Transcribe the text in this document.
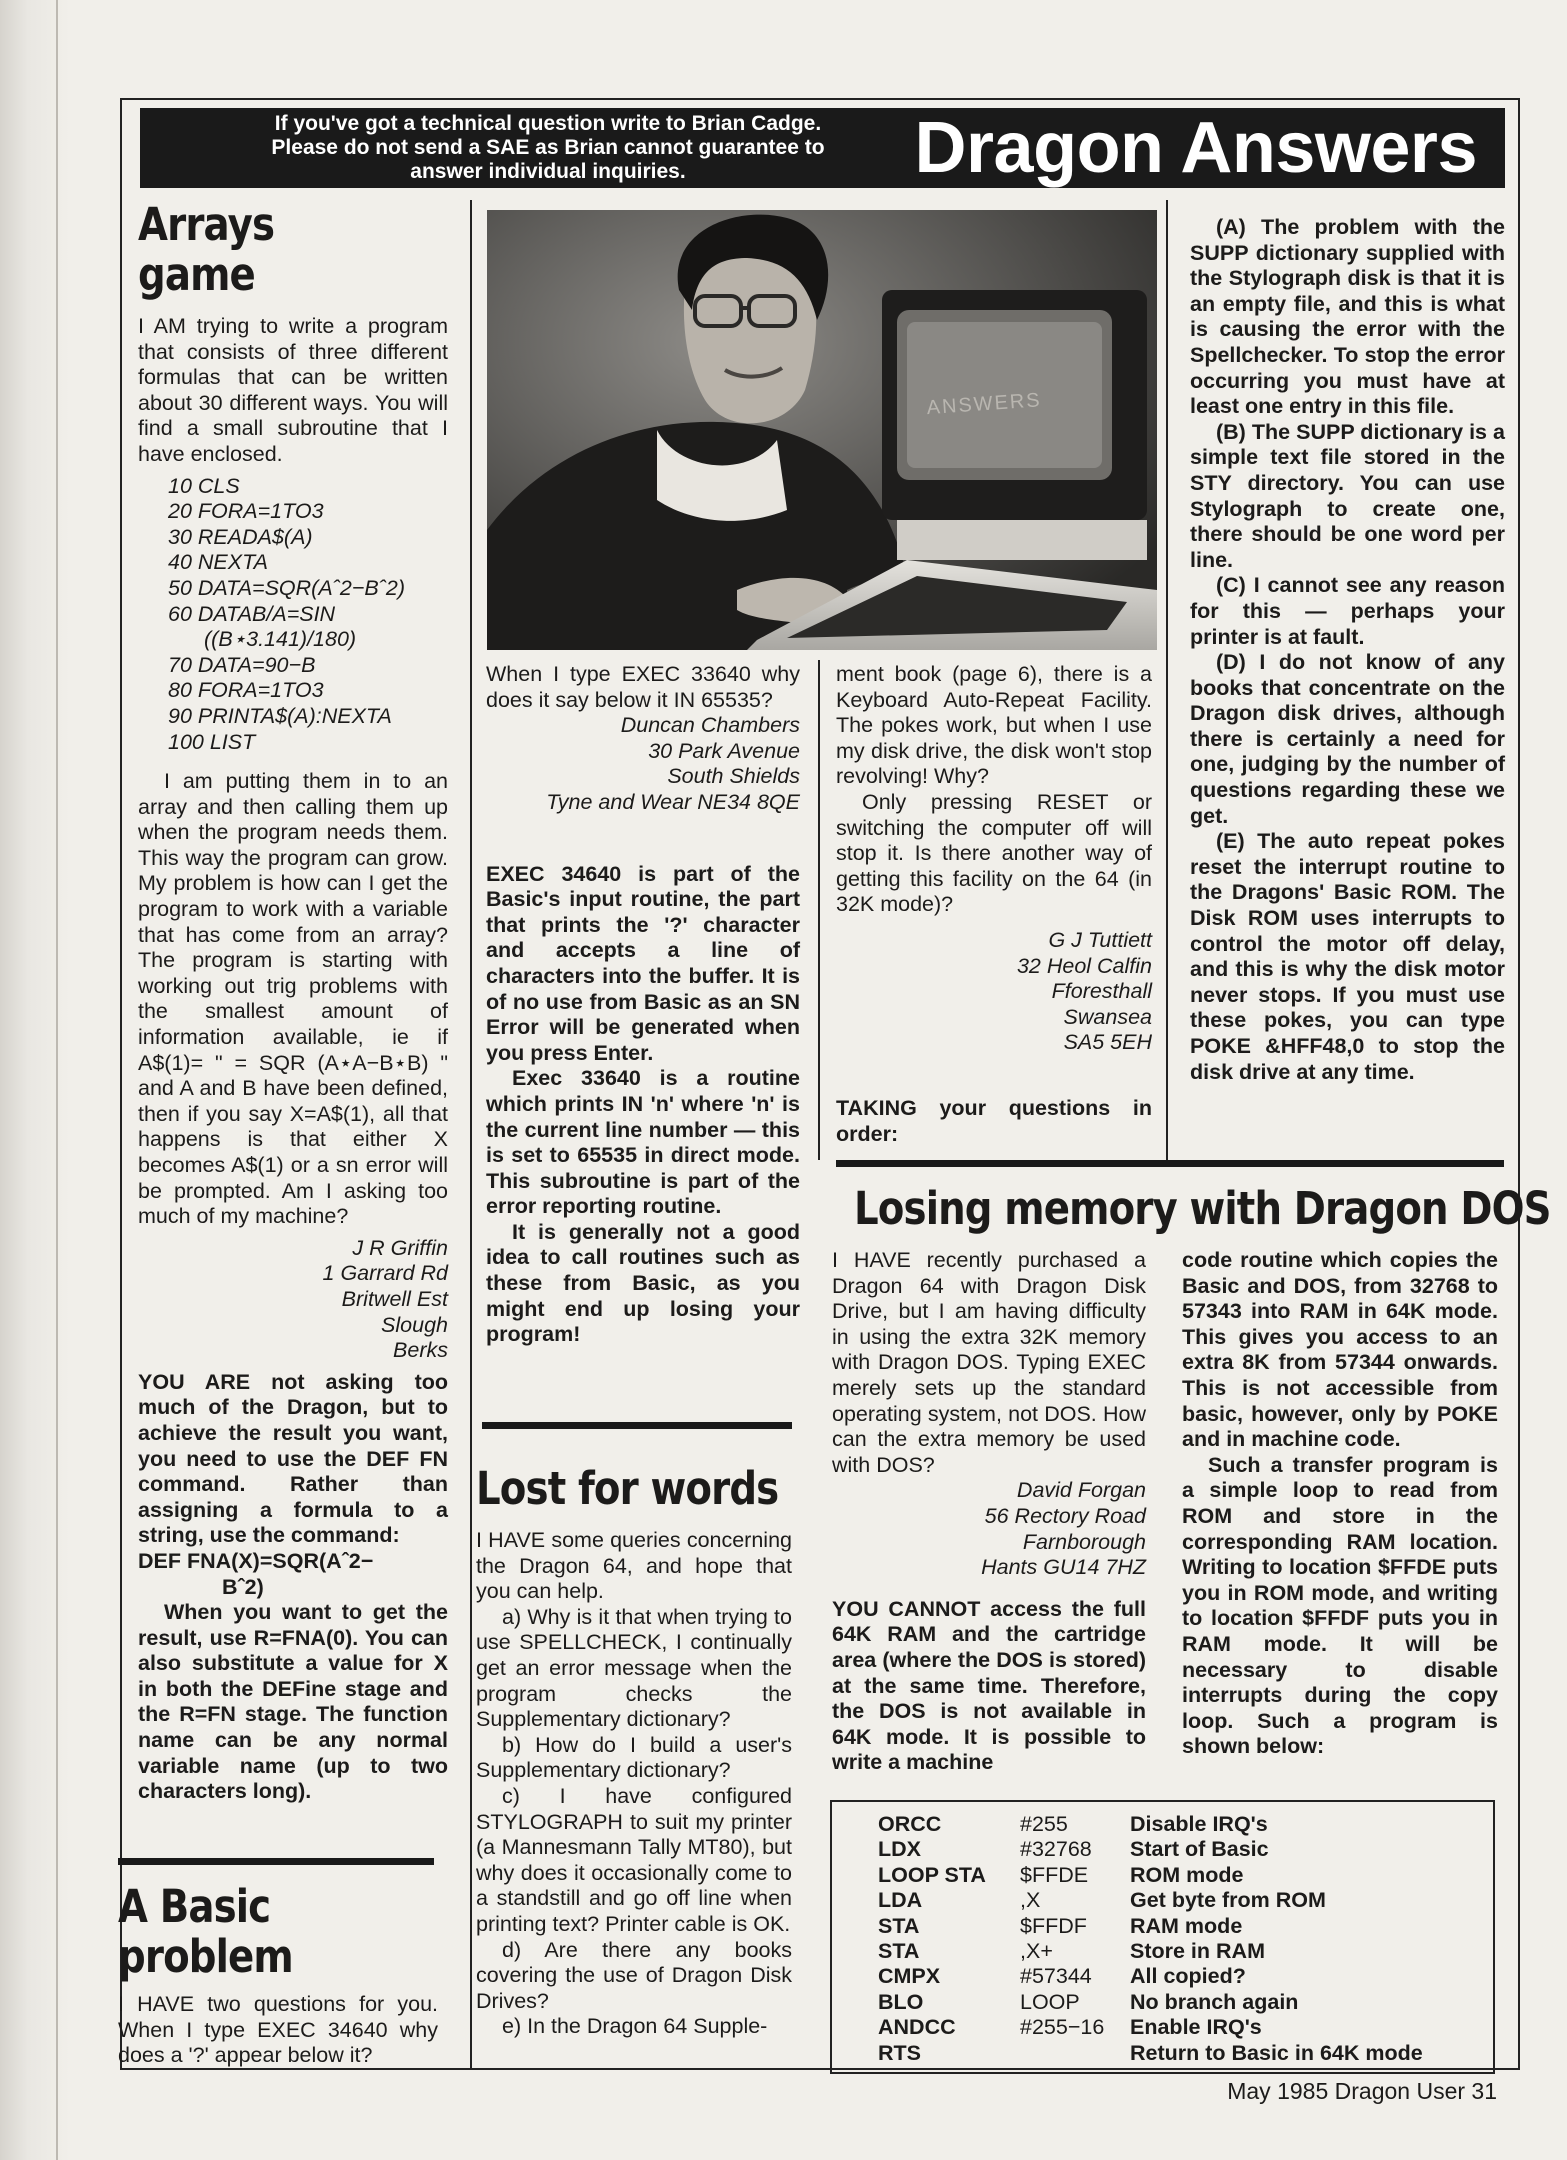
If you've got a technical question write to Brian Cadge.
Please do not send a SAE as Brian cannot guarantee to
answer individual inquiries.	Dragon Answers
Arrays
game

I AM trying to write a program that consists of three different formulas that can be written about 30 different ways. You will find a small subroutine that I have enclosed.

10 CLS
20 FORA=1TO3
30 READA$(A)
40 NEXTA
50 DATA=SQR(Aˆ2−Bˆ2)
60 DATAB/A=SIN
((B⋆3.141)/180)
70 DATA=90−B
80 FORA=1TO3
90 PRINTA$(A):NEXTA
100 LIST

I am putting them in to an array and then calling them up when the program needs them. This way the program can grow. My problem is how can I get the program to work with a variable that has come from an array? The program is starting with working out trig problems with the smallest amount of information available, ie if A$(1)= " = SQR (A⋆A−B⋆B) " and A and B have been defined, then if you say X=A$(1), all that happens is that either X becomes A$(1) or a sn error will be prompted. Am I asking too much of my machine?

J R Griffin
1 Garrard Rd
Britwell Est
Slough
Berks

YOU ARE not asking too much of the Dragon, but to achieve the result you want, you need to use the DEF FN command. Rather than assigning a formula to a string, use the command:

DEF FNA(X)=SQR(Aˆ2−

Bˆ2)

When you want to get the result, use R=FNA(0). You can also substitute a value for X in both the DEFine stage and the R=FN stage. The function name can be any normal variable name (up to two characters long).

A Basic
problem

I HAVE two questions for you. When I type EXEC 34640 why does a '?' appear below it?

ANSWERS

When I type EXEC 33640 why does it say below it IN 65535?

Duncan Chambers
30 Park Avenue
South Shields
Tyne and Wear NE34 8QE

EXEC 34640 is part of the Basic's input routine, the part that prints the '?' character and accepts a line of characters into the buffer. It is of no use from Basic as an SN Error will be generated when you press Enter.

Exec 33640 is a routine which prints IN 'n' where 'n' is the current line number — this is set to 65535 in direct mode. This subroutine is part of the error reporting routine.

It is generally not a good idea to call routines such as these from Basic, as you might end up losing your program!

Lost for words

I HAVE some queries concerning the Dragon 64, and hope that you can help.

a) Why is it that when trying to use SPELLCHECK, I continually get an error message when the program checks the Supplementary dictionary?

b) How do I build a user's Supplementary dictionary?

c) I have configured STYLOGRAPH to suit my printer (a Mannesmann Tally MT80), but why does it occasionally come to a standstill and go off line when printing text? Printer cable is OK.

d) Are there any books covering the use of Dragon Disk Drives?

e) In the Dragon 64 Supple-

ment book (page 6), there is a Keyboard Auto-Repeat Facility. The pokes work, but when I use my disk drive, the disk won't stop revolving! Why?

Only pressing RESET or switching the computer off will stop it. Is there another way of getting this facility on the 64 (in 32K mode)?

G J Tuttiett
32 Heol Calfin
Fforesthall
Swansea
SA5 5EH

TAKING your questions in order:

(A) The problem with the SUPP dictionary supplied with the Stylograph disk is that it is an empty file, and this is what is causing the error with the Spellchecker. To stop the error occurring you must have at least one entry in this file.

(B) The SUPP dictionary is a simple text file stored in the STY directory. You can use Stylograph to create one, there should be one word per line.

(C) I cannot see any reason for this — perhaps your printer is at fault.

(D) I do not know of any books that concentrate on the Dragon disk drives, although there is certainly a need for one, judging by the number of questions regarding these we get.

(E) The auto repeat pokes reset the interrupt routine to the Dragons' Basic ROM. The Disk ROM uses interrupts to control the motor off delay, and this is why the disk motor never stops. If you must use these pokes, you can type POKE &HFF48,0 to stop the disk drive at any time.

Losing memory with Dragon DOS

I HAVE recently purchased a Dragon 64 with Dragon Disk Drive, but I am having difficulty in using the extra 32K memory with Dragon DOS. Typing EXEC merely sets up the standard operating system, not DOS. How can the extra memory be used with DOS?

David Forgan
56 Rectory Road
Farnborough
Hants GU14 7HZ

YOU CANNOT access the full 64K RAM and the cartridge area (where the DOS is stored) at the same time. Therefore, the DOS is not available in 64K mode. It is possible to write a machine

code routine which copies the Basic and DOS, from 32768 to 57343 into RAM in 64K mode. This gives you access to an extra 8K from 57344 onwards. This is not accessible from basic, however, only by POKE and in machine code.

Such a transfer program is a simple loop to read from ROM and store in the corresponding RAM location. Writing to location $FFDE puts you in ROM mode, and writing to location $FFDF puts you in RAM mode. It will be necessary to disable interrupts during the copy loop. Such a program is shown below:

ORCC	#255	Disable IRQ's
LDX	#32768	Start of Basic
LOOP STA	$FFDE	ROM mode
LDA	,X	Get byte from ROM
STA	$FFDF	RAM mode
STA	,X+	Store in RAM
CMPX	#57344	All copied?
BLO	LOOP	No branch again
ANDCC	#255−16	Enable IRQ's
RTS		Return to Basic in 64K mode
May 1985 Dragon User 31
